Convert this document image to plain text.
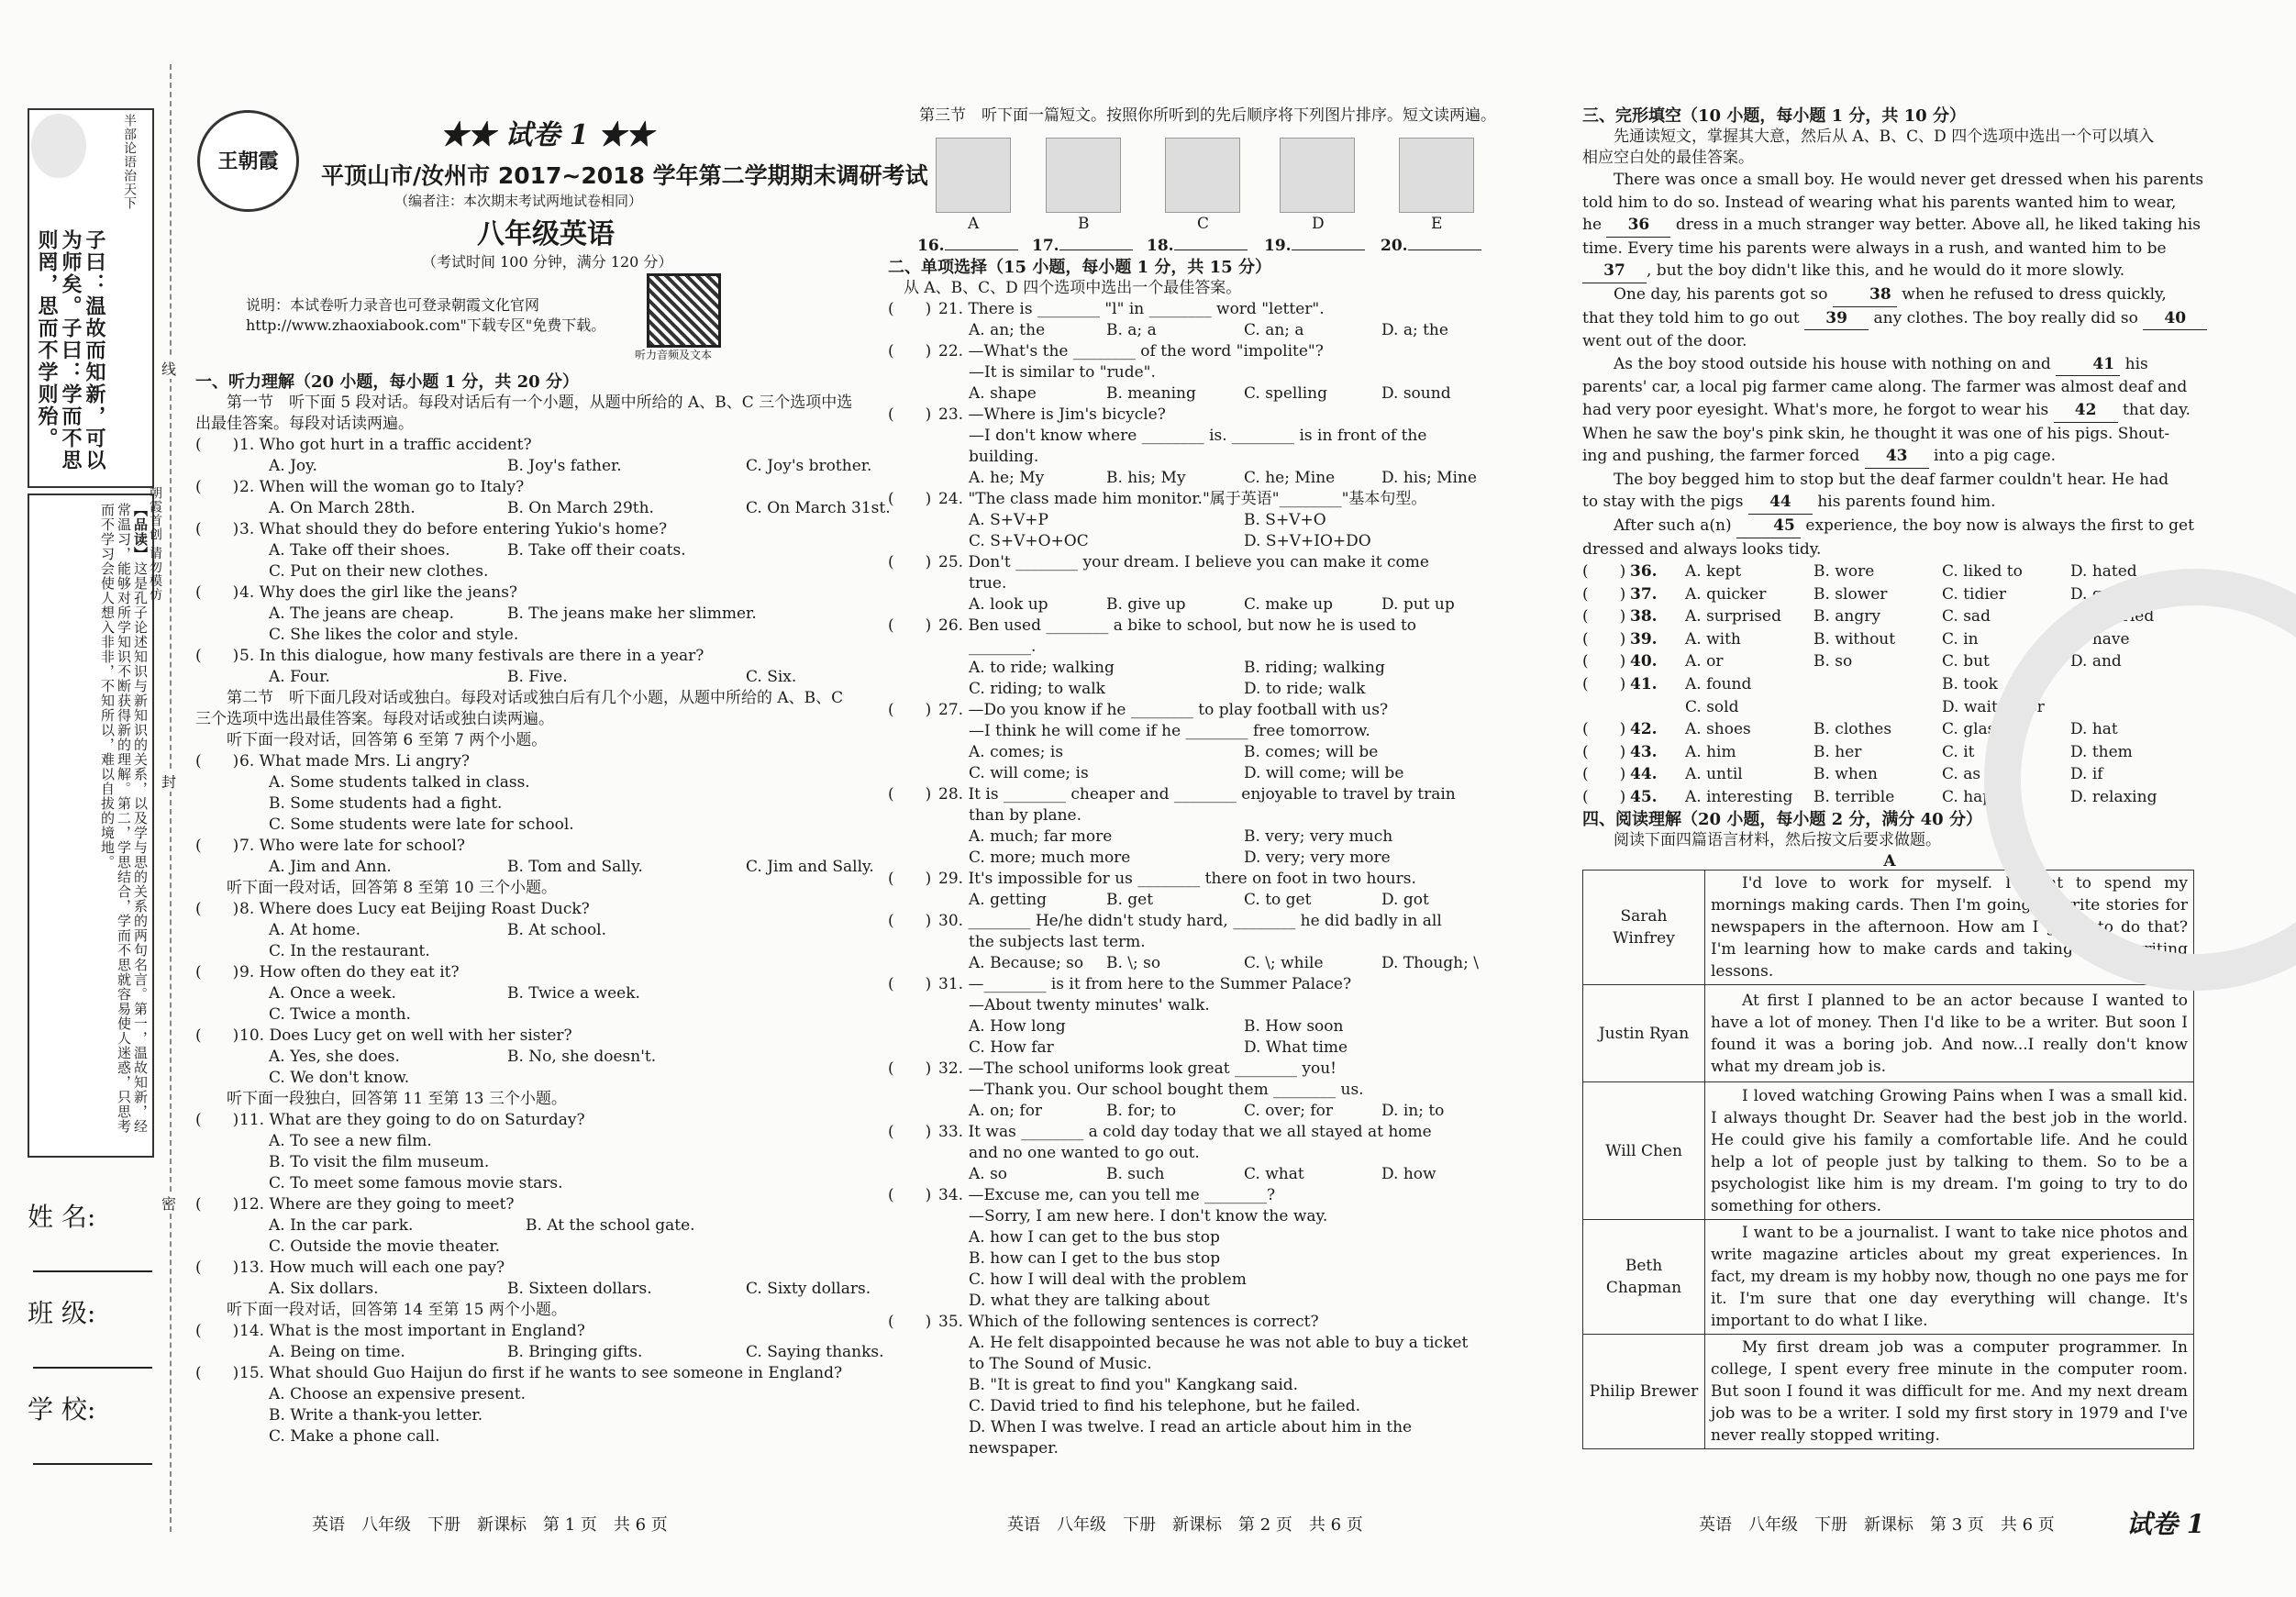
半部论语治天下
子曰：温故而知新，可以为师矣。子曰：学而不思则罔，思而不学则殆。
【品读】这是孔子论述知识与新知识的关系，以及学与思的关系的两句名言。第一，温故知新，经常温习，能够对所学知识不断获得新的理解。第二，学思结合，学而不思就容易使人迷惑，只思考而不学习会使人想入非非，不知所以，难以自拔的境地。
姓 名:
班 级:
学 校:
线
封
密
朝霞首创 请勿模仿
王朝霞
★★ 试卷 1 ★★
平顶山市/汝州市 2017~2018 学年第二学期期末调研考试
（编者注：本次期末考试两地试卷相同）
八年级英语
（考试时间 100 分钟，满分 120 分）
说明：本试卷听力录音也可登录朝霞文化官网 http://www.zhaoxiabook.com"下载专区"免费下载。
听力音频及文本
一、听力理解（20 小题，每小题 1 分，共 20 分）
第一节　听下面 5 段对话。每段对话后有一个小题，从题中所给的 A、B、C 三个选项中选出最佳答案。每段对话读两遍。
(　　)1. Who got hurt in a traffic accident?
A. Joy.	B. Joy's father.	C. Joy's brother.
(　　)2. When will the woman go to Italy?
A. On March 28th.	B. On March 29th.	C. On March 31st.
(　　)3. What should they do before entering Yukio's home?
A. Take off their shoes.	B. Take off their coats.
C. Put on their new clothes.
(　　)4. Why does the girl like the jeans?
A. The jeans are cheap.	B. The jeans make her slimmer.
C. She likes the color and style.
(　　)5. In this dialogue, how many festivals are there in a year?
A. Four.	B. Five.	C. Six.
第二节　听下面几段对话或独白。每段对话或独白后有几个小题，从题中所给的 A、B、C 三个选项中选出最佳答案。每段对话或独白读两遍。
听下面一段对话，回答第 6 至第 7 两个小题。
(　　)6. What made Mrs. Li angry?
A. Some students talked in class.
B. Some students had a fight.
C. Some students were late for school.
(　　)7. Who were late for school?
A. Jim and Ann.	B. Tom and Sally.	C. Jim and Sally.
听下面一段对话，回答第 8 至第 10 三个小题。
(　　)8. Where does Lucy eat Beijing Roast Duck?
A. At home.	B. At school.
C. In the restaurant.
(　　)9. How often do they eat it?
A. Once a week.	B. Twice a week.
C. Twice a month.
(　　)10. Does Lucy get on well with her sister?
A. Yes, she does.	B. No, she doesn't.
C. We don't know.
听下面一段独白，回答第 11 至第 13 三个小题。
(　　)11. What are they going to do on Saturday?
A. To see a new film.
B. To visit the film museum.
C. To meet some famous movie stars.
(　　)12. Where are they going to meet?
A. In the car park.	B. At the school gate.
C. Outside the movie theater.
(　　)13. How much will each one pay?
A. Six dollars.	B. Sixteen dollars.	C. Sixty dollars.
听下面一段对话，回答第 14 至第 15 两个小题。
(　　)14. What is the most important in England?
A. Being on time.	B. Bringing gifts.	C. Saying thanks.
(　　)15. What should Guo Haijun do first if he wants to see someone in England?
A. Choose an expensive present.
B. Write a thank-you letter.
C. Make a phone call.
第三节　听下面一篇短文。按照你所听到的先后顺序将下列图片排序。短文读两遍。
A	B	C	D	E
16.	17.	18.	19.	20.
二、单项选择（15 小题，每小题 1 分，共 15 分）
从 A、B、C、D 四个选项中选出一个最佳答案。
(　　) 21. There is ________ "l" in ________ word "letter".
A. an; the	B. a; a	C. an; a	D. a; the
(　　) 22. —What's the ________ of the word "impolite"?
—It is similar to "rude".
A. shape	B. meaning	C. spelling	D. sound
(　　) 23. —Where is Jim's bicycle?
—I don't know where ________ is. ________ is in front of the
building.
A. he; My	B. his; My	C. he; Mine	D. his; Mine
(　　) 24. "The class made him monitor."属于英语"________"基本句型。
A. S+V+P	B. S+V+O
C. S+V+O+OC	D. S+V+IO+DO
(　　) 25. Don't ________ your dream. I believe you can make it come
true.
A. look up	B. give up	C. make up	D. put up
(　　) 26. Ben used ________ a bike to school, but now he is used to
________.
A. to ride; walking	B. riding; walking
C. riding; to walk	D. to ride; walk
(　　) 27. —Do you know if he ________ to play football with us?
—I think he will come if he ________ free tomorrow.
A. comes; is	B. comes; will be
C. will come; is	D. will come; will be
(　　) 28. It is ________ cheaper and ________ enjoyable to travel by train
than by plane.
A. much; far more	B. very; very much
C. more; much more	D. very; very more
(　　) 29. It's impossible for us ________ there on foot in two hours.
A. getting	B. get	C. to get	D. got
(　　) 30. ________ He/he didn't study hard, ________ he did badly in all
the subjects last term.
A. Because; so B. \; so	C. \; while	D. Though; \
(　　) 31. —________ is it from here to the Summer Palace?
—About twenty minutes' walk.
A. How long	B. How soon
C. How far	D. What time
(　　) 32. —The school uniforms look great ________ you!
—Thank you. Our school bought them ________ us.
A. on; for	B. for; to	C. over; for	D. in; to
(　　) 33. It was ________ a cold day today that we all stayed at home
and no one wanted to go out.
A. so	B. such	C. what	D. how
(　　) 34. —Excuse me, can you tell me ________?
—Sorry, I am new here. I don't know the way.
A. how I can get to the bus stop
B. how can I get to the bus stop
C. how I will deal with the problem
D. what they are talking about
(　　) 35. Which of the following sentences is correct?
A. He felt disappointed because he was not able to buy a ticket
to The Sound of Music.
B. "It is great to find you" Kangkang said.
C. David tried to find his telephone, but he failed.
D. When I was twelve. I read an article about him in the
newspaper.
三、完形填空（10 小题，每小题 1 分，共 10 分）
先通读短文，掌握其大意，然后从 A、B、C、D 四个选项中选出一个可以填入
相应空白处的最佳答案。
There was once a small boy. He would never get dressed when his parents
told him to do so. Instead of wearing what his parents wanted him to wear,
he 36 dress in a much stranger way better. Above all, he liked taking his
time. Every time his parents were always in a rush, and wanted him to be
37 , but the boy didn't like this, and he would do it more slowly.
One day, his parents got so 38 when he refused to dress quickly,
that they told him to go out 39 any clothes. The boy really did so 40
went out of the door.
As the boy stood outside his house with nothing on and 41 his
parents' car, a local pig farmer came along. The farmer was almost deaf and
had very poor eyesight. What's more, he forgot to wear his 42 that day.
When he saw the boy's pink skin, he thought it was one of his pigs. Shout-
ing and pushing, the farmer forced 43 into a pig cage.
The boy begged him to stop but the deaf farmer couldn't hear. He had
to stay with the pigs 44 his parents found him.
After such a(n) 45 experience, the boy now is always the first to get
dressed and always looks tidy.
(　　) 36. A. kept	B. wore	C. liked to	D. hated
(　　) 37. A. quicker	B. slower	C. tidier	D. quieter
(　　) 38. A. surprised B. angry	C. sad	D. worried
(　　) 39. A. with	B. without	C. in	D. have
(　　) 40. A. or	B. so	C. but	D. and
(　　) 41. A. found	B. took
C. sold	D. waited for
(　　) 42. A. shoes	B. clothes	C. glasses	D. hat
(　　) 43. A. him	B. her	C. it	D. them
(　　) 44. A. until	B. when	C. as	D. if
(　　) 45. A. interesting B. terrible	C. happy	D. relaxing
四、阅读理解（20 小题，每小题 2 分，满分 40 分）
阅读下面四篇语言材料，然后按文后要求做题。
A
Sarah Winfrey	I'd love to work for myself. I want to spend my mornings making cards. Then I'm going to write stories for newspapers in the afternoon. How am I going to do that? I'm learning how to make cards and taking some writing lessons.
Justin Ryan	At first I planned to be an actor because I wanted to have a lot of money. Then I'd like to be a writer. But soon I found it was a boring job. And now...I really don't know what my dream job is.
Will Chen	I loved watching Growing Pains when I was a small kid. I always thought Dr. Seaver had the best job in the world. He could give his family a comfortable life. And he could help a lot of people just by talking to them. So to be a psychologist like him is my dream. I'm going to try to do something for others.
Beth Chapman	I want to be a journalist. I want to take nice photos and write magazine articles about my great experiences. In fact, my dream is my hobby now, though no one pays me for it. I'm sure that one day everything will change. It's important to do what I like.
Philip Brewer	My first dream job was a computer programmer. In college, I spent every free minute in the computer room. But soon I found it was difficult for me. And my next dream job was to be a writer. I sold my first story in 1979 and I've never really stopped writing.
英语　八年级　下册　新课标　第 1 页　共 6 页	英语　八年级　下册　新课标　第 2 页　共 6 页	英语　八年级　下册　新课标　第 3 页　共 6 页	试卷 1
